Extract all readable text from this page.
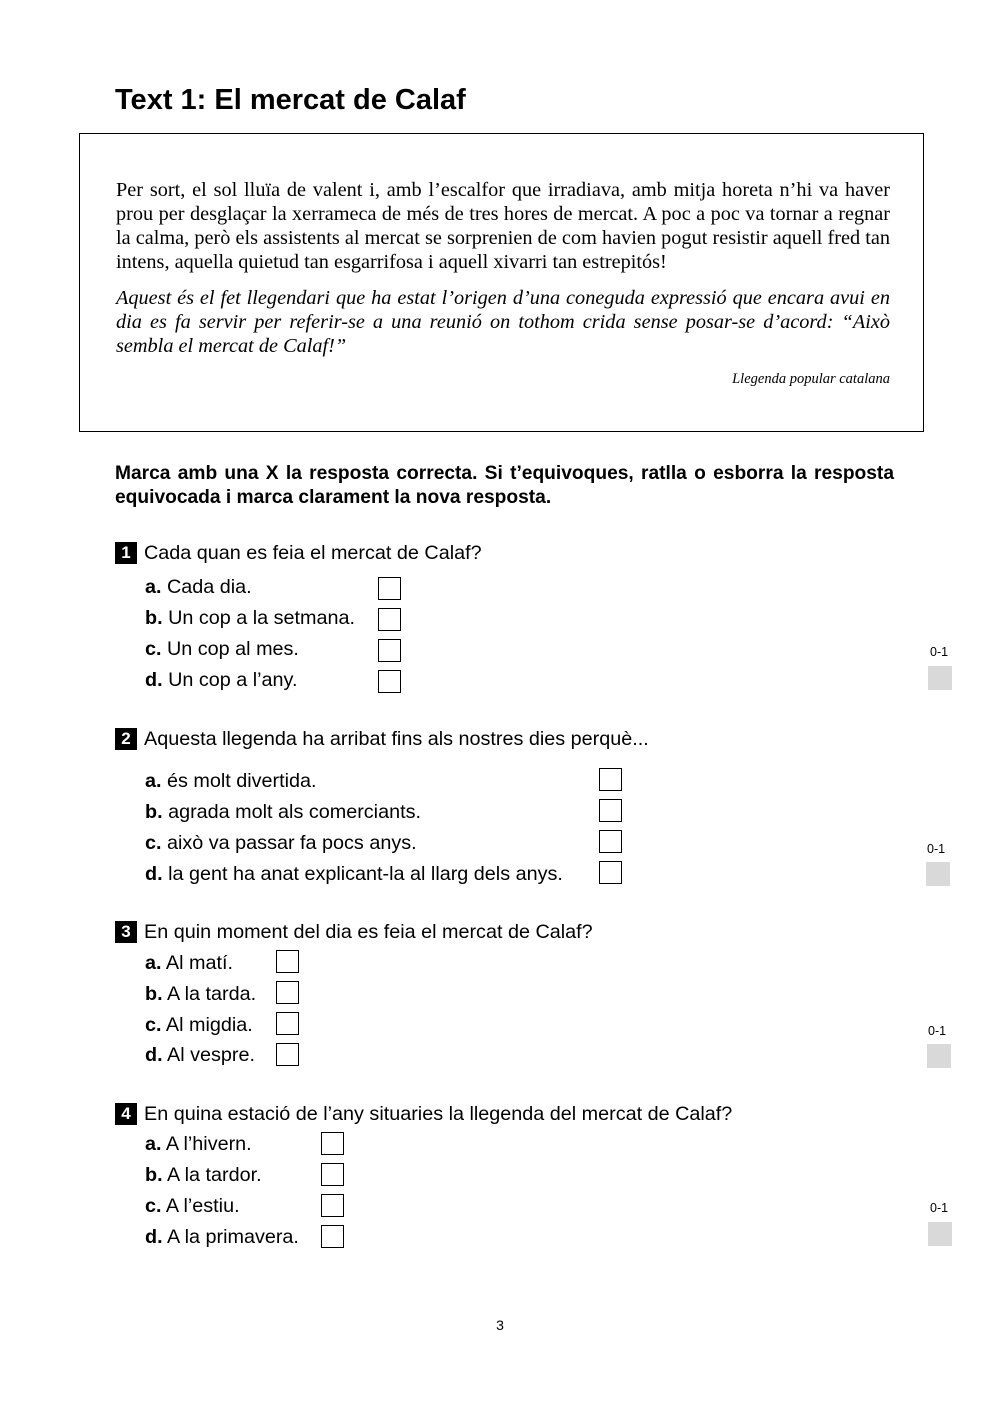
Text 1: El mercat de Calaf

Per sort, el sol lluïa de valent i, amb l’escalfor que irradiava, amb mitja horeta n’hi va haver prou per desglaçar la xerrameca de més de tres hores de mercat. A poc a poc va tornar a regnar la calma, però els assistents al mercat se sorprenien de com havien pogut resistir aquell fred tan intens, aquella quietud tan esgarrifosa i aquell xivarri tan estrepitós!

Aquest és el fet llegendari que ha estat l’origen d’una coneguda expressió que encara avui en dia es fa servir per referir-se a una reunió on tothom crida sense posar-se d’acord: “Això sembla el mercat de Calaf!”

Llegenda popular catalana

Marca amb una X la resposta correcta. Si t’equivoques, ratlla o esborra la resposta equivocada i marca clarament la nova resposta.

1 Cada quan es feia el mercat de Calaf?
a. Cada dia.
b. Un cop a la setmana.
c. Un cop al mes.
d. Un cop a l’any.
0-1
2 Aquesta llegenda ha arribat fins als nostres dies perquè...
a. és molt divertida.
b. agrada molt als comerciants.
c. això va passar fa pocs anys.
d. la gent ha anat explicant-la al llarg dels anys.
0-1
3 En quin moment del dia es feia el mercat de Calaf?
a. Al matí.
b. A la tarda.
c. Al migdia.
d. Al vespre.
0-1
4 En quina estació de l’any situaries la llegenda del mercat de Calaf?
a. A l’hivern.
b. A la tardor.
c. A l’estiu.
d. A la primavera.
0-1
3
